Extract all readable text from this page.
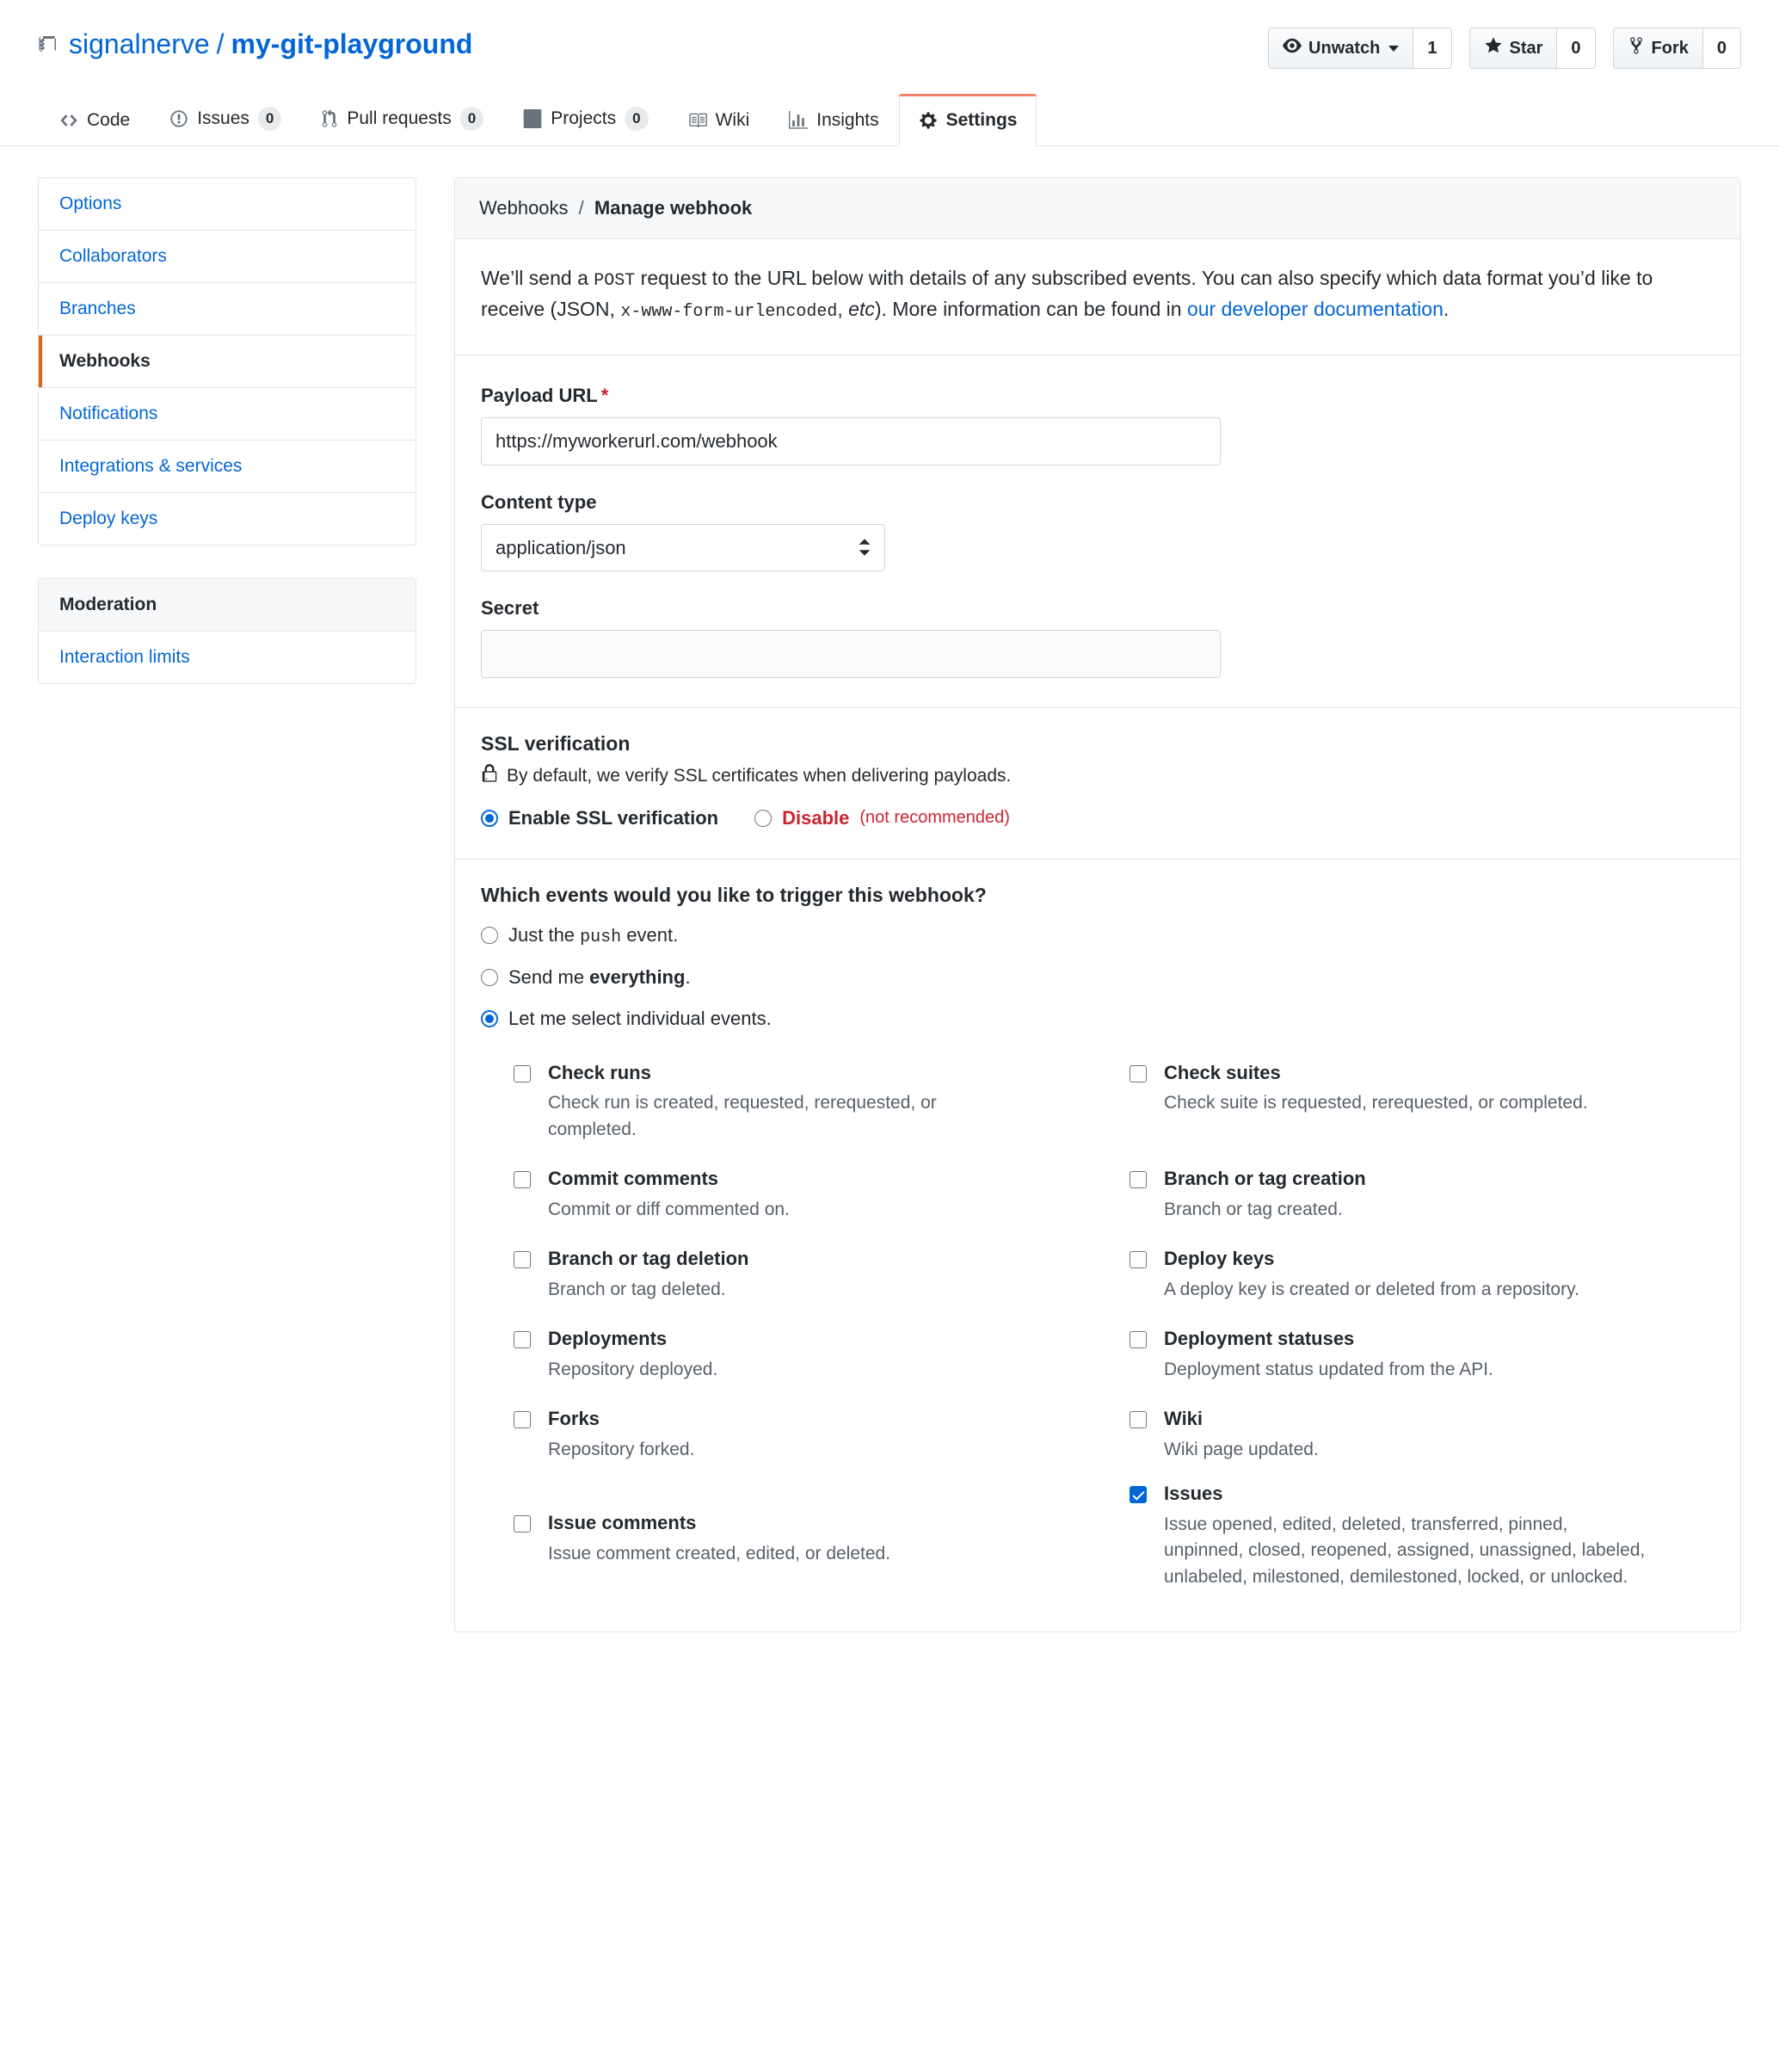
signalnerve / my-git-playground	Unwatch	1	Star	0	Fork	0
Code	Issues	0	Pull requests	0	Projects	0	Wiki	Insights	Settings
Options
Collaborators
Branches
Webhooks
Notifications
Integrations & services
Deploy keys
Moderation
Interaction limits
Webhooks / Manage webhook

We’ll send a POST request to the URL below with details of any subscribed events. You can also specify which data format you’d like to receive (JSON, x-www-form-urlencoded, etc). More information can be found in our developer documentation.

Payload URL *
https://myworkerurl.com/webhook
Content type
application/json
Secret
SSL verification
By default, we verify SSL certificates when delivering payloads.
Enable SSL verification	Disable (not recommended)
Which events would you like to trigger this webhook?
Just the push event.
Send me everything.
Let me select individual events.
Check runs
Check run is created, requested, rerequested, or completed.
Check suites
Check suite is requested, rerequested, or completed.
Commit comments
Commit or diff commented on.
Branch or tag creation
Branch or tag created.
Branch or tag deletion
Branch or tag deleted.
Deploy keys
A deploy key is created or deleted from a repository.
Deployments
Repository deployed.
Deployment statuses
Deployment status updated from the API.
Forks
Repository forked.
Wiki
Wiki page updated.
Issue comments
Issue comment created, edited, or deleted.
Issues
Issue opened, edited, deleted, transferred, pinned, unpinned, closed, reopened, assigned, unassigned, labeled, unlabeled, milestoned, demilestoned, locked, or unlocked.
